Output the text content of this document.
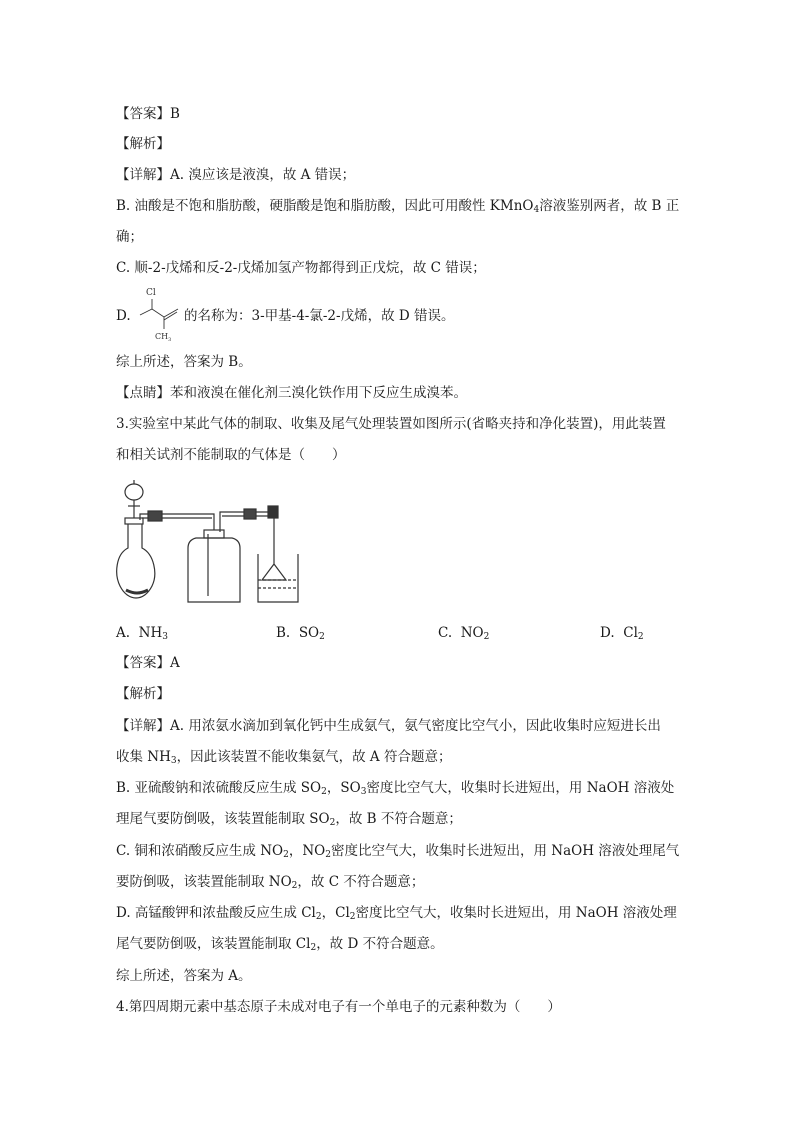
【答案】B
【解析】
【详解】A. 溴应该是液溴，故 A 错误；
B. 油酸是不饱和脂肪酸，硬脂酸是饱和脂肪酸，因此可用酸性 KMnO$_4$溶液鉴别两者，故 B 正
确；
C. 顺-2-戊烯和反-2-戊烯加氢产物都得到正戊烷，故 C 错误；
D.
Cl
$CH_3$
的名称为：3-甲基-4-氯-2-戊烯，故 D 错误。
综上所述，答案为 B。
【点睛】苯和液溴在催化剂三溴化铁作用下反应生成溴苯。
3.实验室中某此气体的制取、收集及尾气处理装置如图所示(省略夹持和净化装置)，用此装置
和相关试剂不能制取的气体是（　　）
A. $NH_3$	B. $SO_2$	C. $NO_2$	D. $Cl_2$
【答案】A
【解析】
【详解】A. 用浓氨水滴加到氧化钙中生成氨气，氨气密度比空气小，因此收集时应短进长出
收集 $NH_3$，因此该装置不能收集氨气，故 A 符合题意；
B. 亚硫酸钠和浓硫酸反应生成 $SO_2$，$SO_3$密度比空气大，收集时长进短出，用 NaOH 溶液处
理尾气要防倒吸，该装置能制取 $SO_2$，故 B 不符合题意；
C. 铜和浓硝酸反应生成 $NO_2$，$NO_2$密度比空气大，收集时长进短出，用 NaOH 溶液处理尾气
要防倒吸，该装置能制取 $NO_2$，故 C 不符合题意；
D. 高锰酸钾和浓盐酸反应生成 $Cl_2$，$Cl_2$密度比空气大，收集时长进短出，用 NaOH 溶液处理
尾气要防倒吸，该装置能制取 $Cl_2$，故 D 不符合题意。
综上所述，答案为 A。
4.第四周期元素中基态原子未成对电子有一个单电子的元素种数为（　　）
